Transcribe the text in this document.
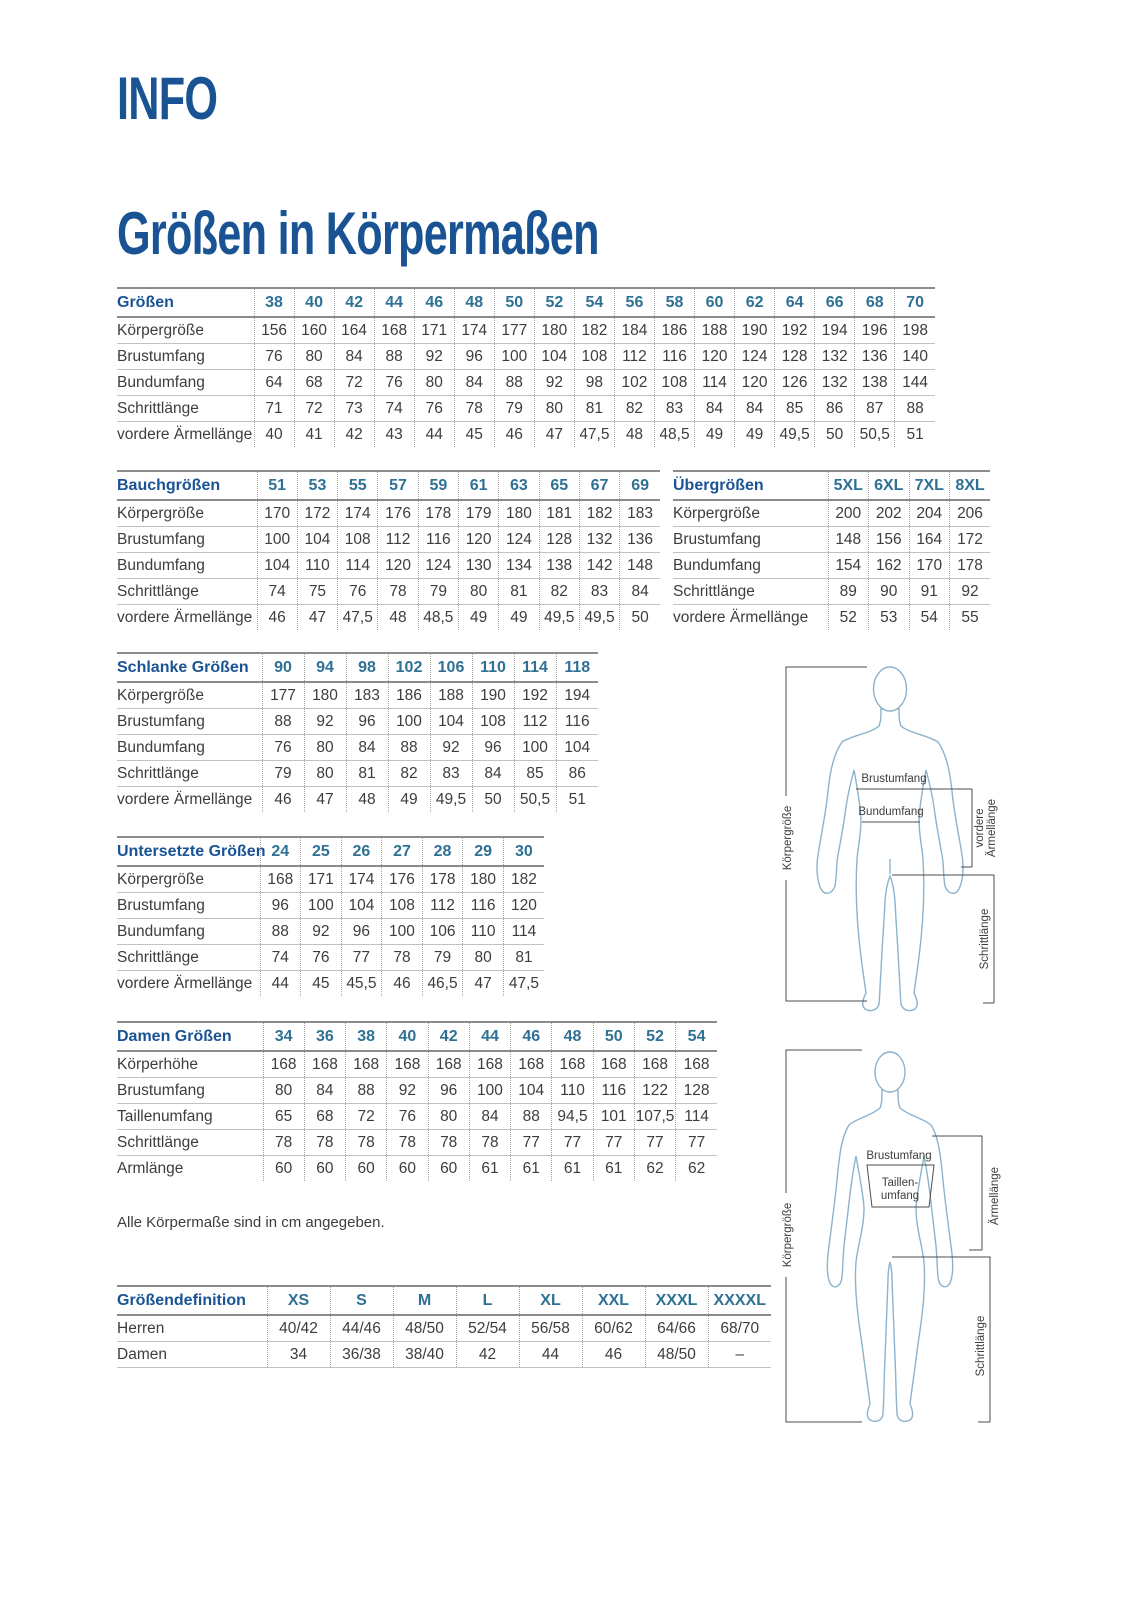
INFO
Größen in Körpermaßen
Größen	38	40	42	44	46	48	50	52	54	56	58	60	62	64	66	68	70
Körpergröße	156	160	164	168	171	174	177	180	182	184	186	188	190	192	194	196	198
Brustumfang	76	80	84	88	92	96	100	104	108	112	116	120	124	128	132	136	140
Bundumfang	64	68	72	76	80	84	88	92	98	102	108	114	120	126	132	138	144
Schrittlänge	71	72	73	74	76	78	79	80	81	82	83	84	84	85	86	87	88
vordere Ärmellänge	40	41	42	43	44	45	46	47	47,5	48	48,5	49	49	49,5	50	50,5	51
Bauchgrößen	51	53	55	57	59	61	63	65	67	69
Körpergröße	170	172	174	176	178	179	180	181	182	183
Brustumfang	100	104	108	112	116	120	124	128	132	136
Bundumfang	104	110	114	120	124	130	134	138	142	148
Schrittlänge	74	75	76	78	79	80	81	82	83	84
vordere Ärmellänge	46	47	47,5	48	48,5	49	49	49,5	49,5	50
Übergrößen	5XL	6XL	7XL	8XL
Körpergröße	200	202	204	206
Brustumfang	148	156	164	172
Bundumfang	154	162	170	178
Schrittlänge	89	90	91	92
vordere Ärmellänge	52	53	54	55
Schlanke Größen	90	94	98	102	106	110	114	118
Körpergröße	177	180	183	186	188	190	192	194
Brustumfang	88	92	96	100	104	108	112	116
Bundumfang	76	80	84	88	92	96	100	104
Schrittlänge	79	80	81	82	83	84	85	86
vordere Ärmellänge	46	47	48	49	49,5	50	50,5	51
Untersetzte Größen	24	25	26	27	28	29	30
Körpergröße	168	171	174	176	178	180	182
Brustumfang	96	100	104	108	112	116	120
Bundumfang	88	92	96	100	106	110	114
Schrittlänge	74	76	77	78	79	80	81
vordere Ärmellänge	44	45	45,5	46	46,5	47	47,5
Damen Größen	34	36	38	40	42	44	46	48	50	52	54
Körperhöhe	168	168	168	168	168	168	168	168	168	168	168
Brustumfang	80	84	88	92	96	100	104	110	116	122	128
Taillenumfang	65	68	72	76	80	84	88	94,5	101	107,5	114
Schrittlänge	78	78	78	78	78	78	77	77	77	77	77
Armlänge	60	60	60	60	60	61	61	61	61	62	62
Alle Körpermaße sind in cm angegeben.
Größendefinition	XS	S	M	L	XL	XXL	XXXL	XXXXL
Herren	40/42	44/46	48/50	52/54	56/58	60/62	64/66	68/70
Damen	34	36/38	38/40	42	44	46	48/50	–
Körpergröße
Brustumfang
Bundumfang	vordere Ärmellänge
Schrittlänge
Körpergröße
Brustumfang
Taillen-
umfang	Ärmellänge
Schrittlänge
